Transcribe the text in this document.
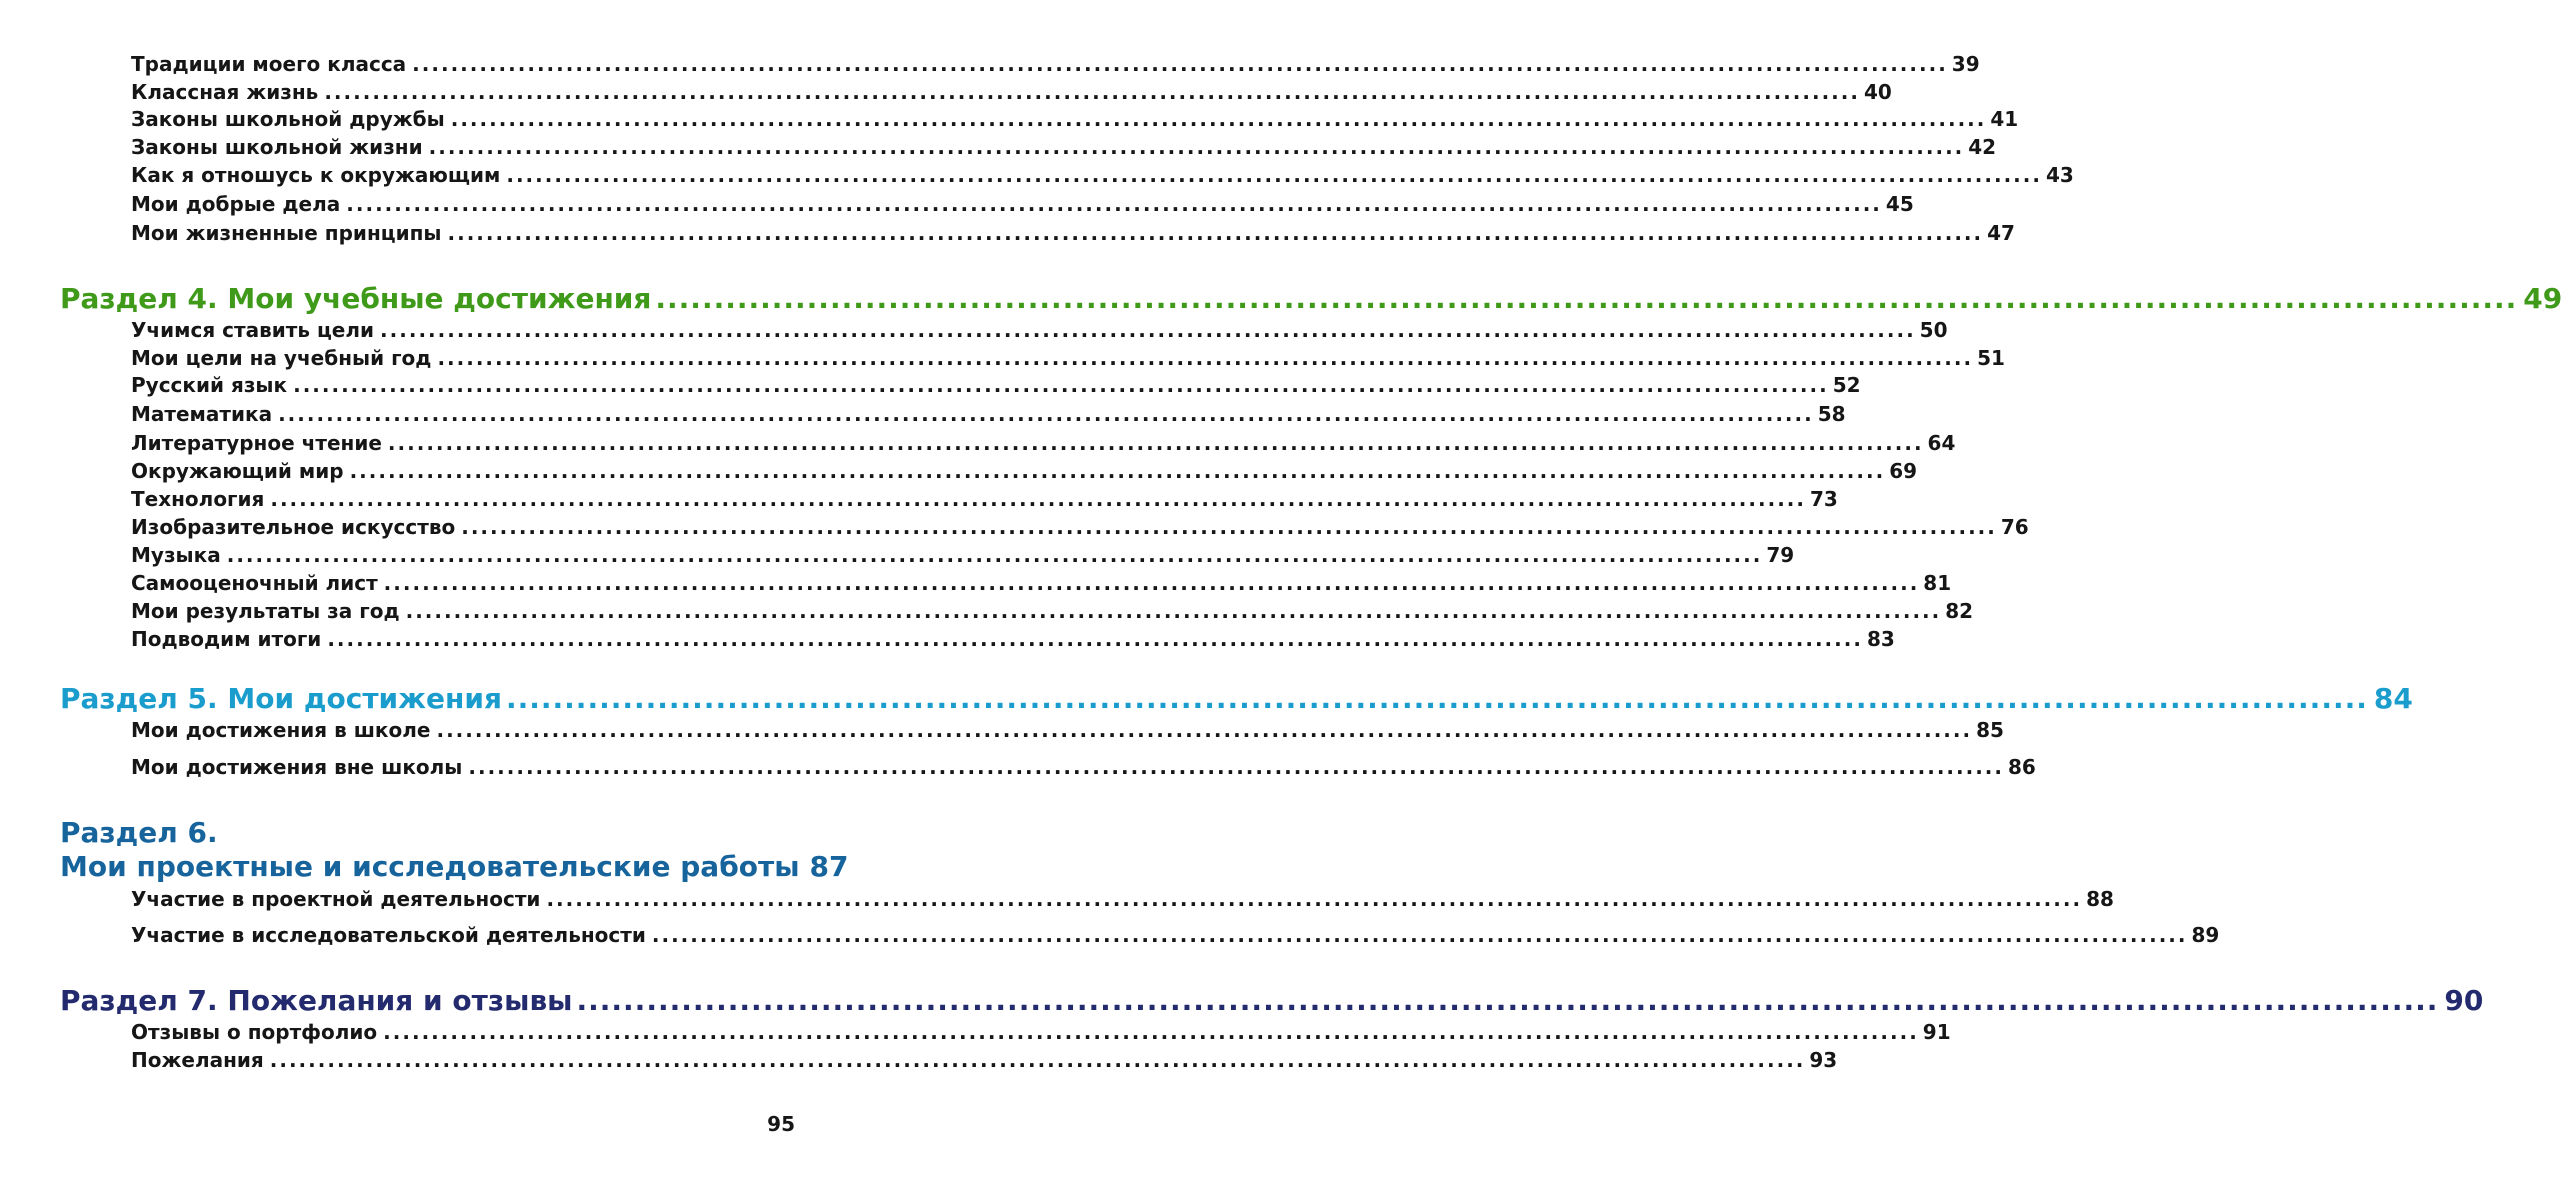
Традиции моего класса ................................................................................................................................................................ 39
Классная жизнь ................................................................................................................................................................ 40
Законы школьной дружбы ................................................................................................................................................................ 41
Законы школьной жизни ................................................................................................................................................................ 42
Как я отношусь к окружающим ................................................................................................................................................................ 43
Мои добрые дела ................................................................................................................................................................ 45
Мои жизненные принципы ................................................................................................................................................................ 47
Раздел 4. Мои учебные достижения ................................................................................................................................................................ 49
Учимся ставить цели ................................................................................................................................................................ 50
Мои цели на учебный год ................................................................................................................................................................ 51
Русский язык ................................................................................................................................................................ 52
Математика ................................................................................................................................................................ 58
Литературное чтение ................................................................................................................................................................ 64
Окружающий мир ................................................................................................................................................................ 69
Технология ................................................................................................................................................................ 73
Изобразительное искусство ................................................................................................................................................................ 76
Музыка ................................................................................................................................................................ 79
Самооценочный лист ................................................................................................................................................................ 81
Мои результаты за год ................................................................................................................................................................ 82
Подводим итоги ................................................................................................................................................................ 83
Раздел 5. Мои достижения ................................................................................................................................................................ 84
Мои достижения в школе ................................................................................................................................................................ 85
Мои достижения вне школы ................................................................................................................................................................ 86
Раздел 6.
Мои проектные и исследовательские работы 87
Участие в проектной деятельности ................................................................................................................................................................ 88
Участие в исследовательской деятельности ................................................................................................................................................................ 89
Раздел 7. Пожелания и отзывы ................................................................................................................................................................ 90
Отзывы о портфолио ................................................................................................................................................................ 91
Пожелания ................................................................................................................................................................ 93
95
